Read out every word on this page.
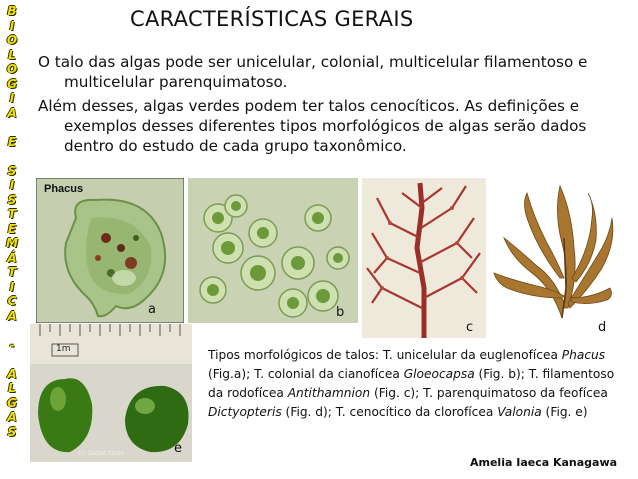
B
I
O
L
O
G
I
A

E

S
I
S
T
E
M
Á
T
I
C
A

-

A
L
G
A
S
CARACTERÍSTICAS GERAIS
O talo das algas pode ser unicelular, colonial, multicelular filamentoso e multicelular parenquimatoso.
Além desses, algas verdes podem ter talos cenocíticos. As definições e exemplos desses diferentes tipos morfológicos de algas serão dados dentro do estudo de cada grupo taxonômico.
Phacus
a	b
c	d
1m
(c) Detlef Kloss	e
Tipos morfológicos de talos: T. unicelular da euglenofícea Phacus (Fig.a); T. colonial da cianofícea Gloeocapsa (Fig. b); T. filamentoso da rodofícea Antithamnion (Fig. c); T. parenquimatoso da feofícea Dictyopteris (Fig. d); T. cenocítico da clorofícea Valonia (Fig. e)
Amelia Iaeca Kanagawa
